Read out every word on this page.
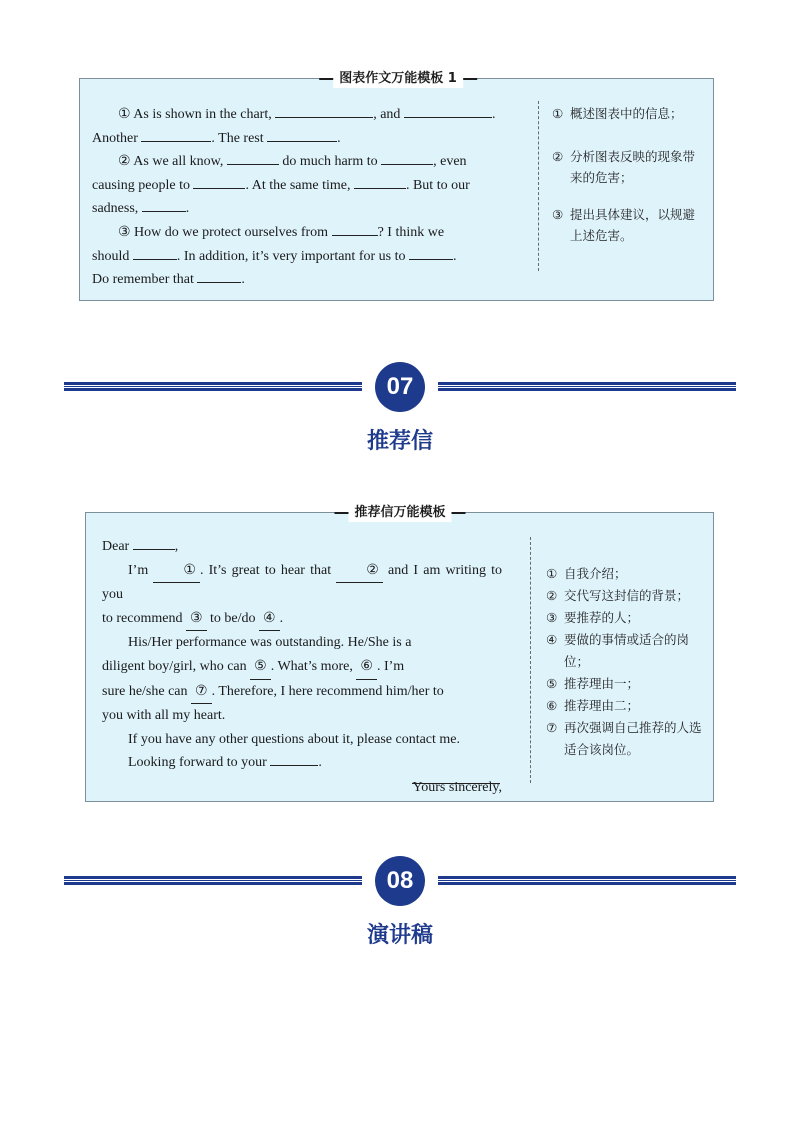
图表作文万能模板 1

① As is shown in the chart,	, and	.

Another	. The rest	.

② As we all know,	do much harm to	, even

causing people to	. At the same time,	. But to our

sadness,	.

③ How do we protect ourselves from	? I think we

should	. In addition, it’s very important for us to	.

Do remember that	.

① 概述图表中的信息；
② 分析图表反映的现象带来的危害；
③ 提出具体建议，以规避上述危害。
07
推荐信
推荐信万能模板

Dear	,

I’m ① . It’s great to hear that ② and I am writing to you

to recommend ③ to be/do ④ .

His/Her performance was outstanding. He/She is a

diligent boy/girl, who can ⑤ . What’s more, ⑥ . I’m

sure he/she can ⑦ . Therefore, I here recommend him/her to

you with all my heart.

If you have any other questions about it, please contact me.

Looking forward to your	.

Yours sincerely,

① 自我介绍；
② 交代写这封信的背景；
③ 要推荐的人；
④ 要做的事情或适合的岗位；
⑤ 推荐理由一；
⑥ 推荐理由二；
⑦ 再次强调自己推荐的人选适合该岗位。
08
演讲稿
